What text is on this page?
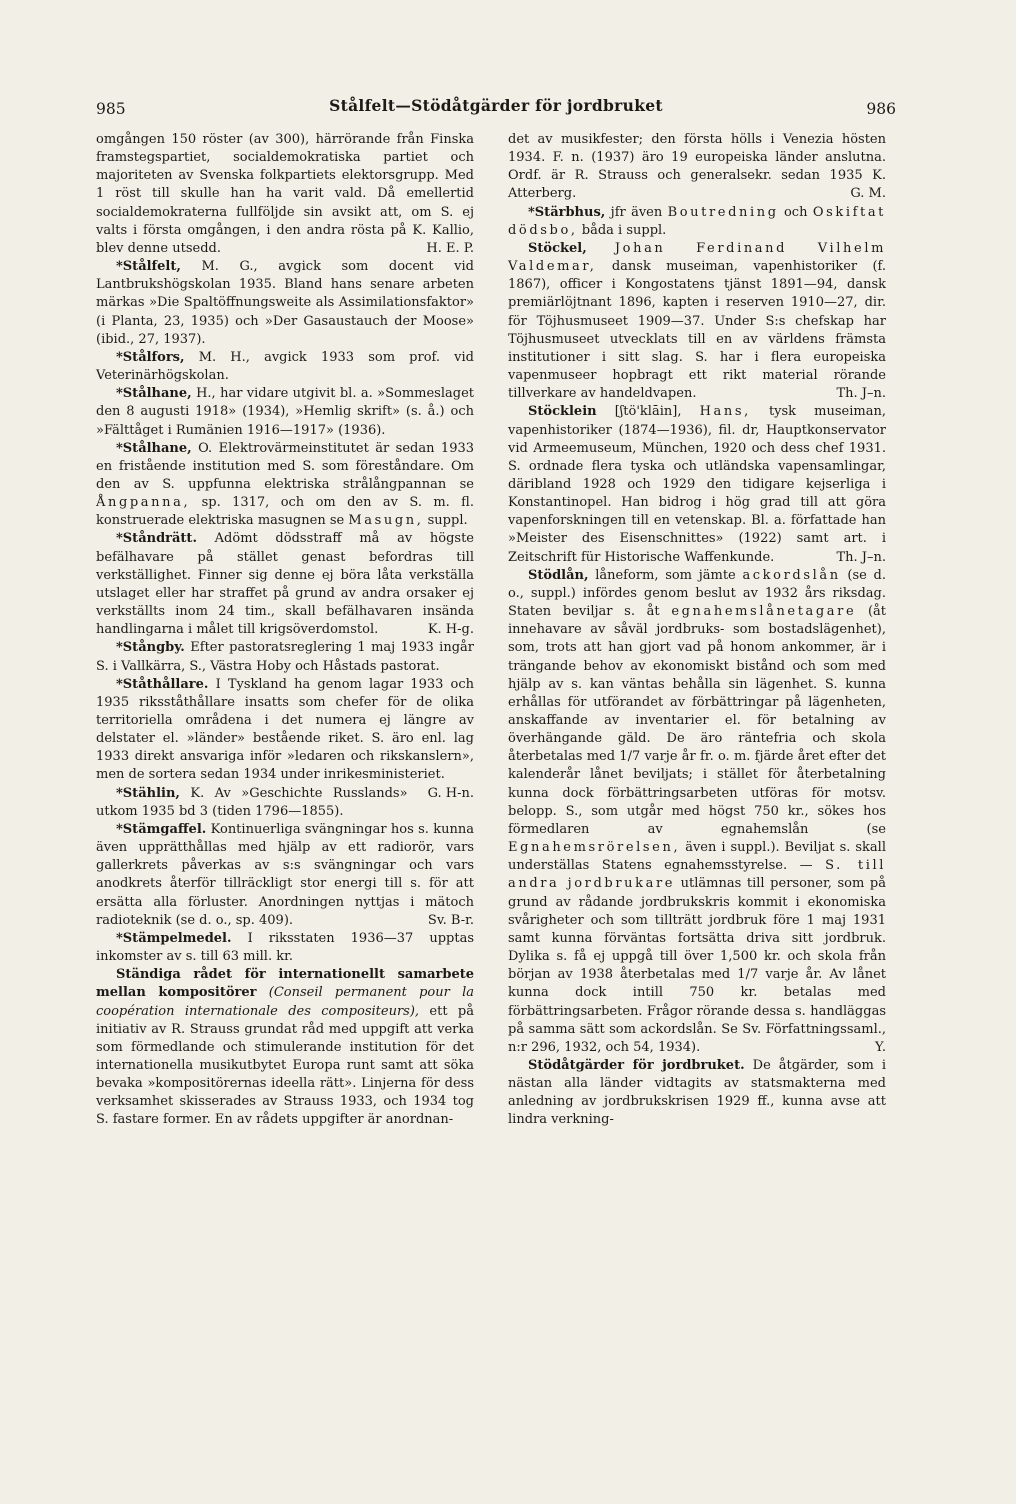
985	Stålfelt—Stödåtgärder för jordbruket	986

omgången 150 röster (av 300), härrörande från Finska framstegspartiet, socialdemokratiska partiet och majoriteten av Svenska folkpartiets elektorsgrupp. Med 1 röst till skulle han ha varit vald. Då emellertid socialdemokraterna fullföljde sin avsikt att, om S. ej valts i första omgången, i den andra rösta på K. Kallio, blev denne utsedd.	H. E. P.

*Stålfelt, M. G., avgick som docent vid Lantbrukshögskolan 1935. Bland hans senare arbeten märkas »Die Spaltöffnungsweite als Assimilationsfaktor» (i Planta, 23, 1935) och »Der Gasaustauch der Moose» (ibid., 27, 1937).

*Stålfors, M. H., avgick 1933 som prof. vid Veterinärhögskolan.

*Stålhane, H., har vidare utgivit bl. a. »Sommeslaget den 8 augusti 1918» (1934), »Hemlig skrift» (s. å.) och »Fälttåget i Rumänien 1916—1917» (1936).

*Stålhane, O. Elektrovärmeinstitutet är sedan 1933 en fristående institution med S. som föreståndare. Om den av S. uppfunna elektriska strålångpannan se Ångpanna, sp. 1317, och om den av S. m. fl. konstruerade elektriska masugnen se Masugn, suppl.

*Ståndrätt. Adömt dödsstraff må av högste befälhavare på stället genast befordras till verkställighet. Finner sig denne ej böra låta verkställa utslaget eller har straffet på grund av andra orsaker ej verkställts inom 24 tim., skall befälhavaren insända handlingarna i målet till krigsöverdomstol.	K. H-g.

*Stångby. Efter pastoratsreglering 1 maj 1933 ingår S. i Vallkärra, S., Västra Hoby och Håstads pastorat.

*Ståthållare. I Tyskland ha genom lagar 1933 och 1935 riksståthållare insatts som chefer för de olika territoriella områdena i det numera ej längre av delstater el. »länder» bestående riket. S. äro enl. lag 1933 direkt ansvariga inför »ledaren och rikskanslern», men de sortera sedan 1934 under inrikesministeriet.
G. H-n.

*Stählin, K. Av »Geschichte Russlands» utkom 1935 bd 3 (tiden 1796—1855).

*Stämgaffel. Kontinuerliga svängningar hos s. kunna även upprätthållas med hjälp av ett radiorör, vars gallerkrets påverkas av s:s svängningar och vars anodkrets återför tillräckligt stor energi till s. för att ersätta alla förluster. Anordningen nyttjas i mätoch radioteknik (se d. o., sp. 409).	Sv. B-r.

*Stämpelmedel. I riksstaten 1936—37 upptas inkomster av s. till 63 mill. kr.

Ständiga rådet för internationellt samarbete mellan kompositörer (Conseil permanent pour la coopération internationale des compositeurs), ett på initiativ av R. Strauss grundat råd med uppgift att verka som förmedlande och stimulerande institution för det internationella musikutbytet Europa runt samt att söka bevaka »kompositörernas ideella rätt». Linjerna för dess verksamhet skisserades av Strauss 1933, och 1934 tog S. fastare former. En av rådets uppgifter är anordnan-

det av musikfester; den första hölls i Venezia hösten 1934. F. n. (1937) äro 19 europeiska länder anslutna. Ordf. är R. Strauss och generalsekr. sedan 1935 K. Atterberg.	G. M.

*Stärbhus, jfr även Boutredning och Oskiftat dödsbo, båda i suppl.

Stöckel, Johan Ferdinand Vilhelm Valdemar, dansk museiman, vapenhistoriker (f. 1867), officer i Kongostatens tjänst 1891—94, dansk premiärlöjtnant 1896, kapten i reserven 1910—27, dir. för Töjhusmuseet 1909—37. Under S:s chefskap har Töjhusmuseet utvecklats till en av världens främsta institutioner i sitt slag. S. har i flera europeiska vapenmuseer hopbragt ett rikt material rörande tillverkare av handeldvapen.	Th. J–n.

Stöcklein [ʃtö'klāin], Hans, tysk museiman, vapenhistoriker (1874—1936), fil. dr, Hauptkonservator vid Armeemuseum, München, 1920 och dess chef 1931. S. ordnade flera tyska och utländska vapensamlingar, däribland 1928 och 1929 den tidigare kejserliga i Konstantinopel. Han bidrog i hög grad till att göra vapenforskningen till en vetenskap. Bl. a. författade han »Meister des Eisenschnittes» (1922) samt art. i Zeitschrift für Historische Waffenkunde.	Th. J–n.

Stödlån, låneform, som jämte ackordslån (se d. o., suppl.) infördes genom beslut av 1932 års riksdag. Staten beviljar s. åt egnahemslånetagare (åt innehavare av såväl jordbruks- som bostadslägenhet), som, trots att han gjort vad på honom ankommer, är i trängande behov av ekonomiskt bistånd och som med hjälp av s. kan väntas behålla sin lägenhet. S. kunna erhållas för utförandet av förbättringar på lägenheten, anskaffande av inventarier el. för betalning av överhängande gäld. De äro räntefria och skola återbetalas med 1/7 varje år fr. o. m. fjärde året efter det kalenderår lånet beviljats; i stället för återbetalning kunna dock förbättringsarbeten utföras för motsv. belopp. S., som utgår med högst 750 kr., sökes hos förmedlaren av egnahemslån (se Egnahemsrörelsen, även i suppl.). Beviljat s. skall underställas Statens egnahemsstyrelse. — S. till andra jordbrukare utlämnas till personer, som på grund av rådande jordbrukskris kommit i ekonomiska svårigheter och som tillträtt jordbruk före 1 maj 1931 samt kunna förväntas fortsätta driva sitt jordbruk. Dylika s. få ej uppgå till över 1,500 kr. och skola från början av 1938 återbetalas med 1/7 varje år. Av lånet kunna dock intill 750 kr. betalas med förbättringsarbeten. Frågor rörande dessa s. handläggas på samma sätt som ackordslån. Se Sv. Författningssaml., n:r 296, 1932, och 54, 1934).	Y.

Stödåtgärder för jordbruket. De åtgärder, som i nästan alla länder vidtagits av statsmakterna med anledning av jordbrukskrisen 1929 ff., kunna avse att lindra verkning-
